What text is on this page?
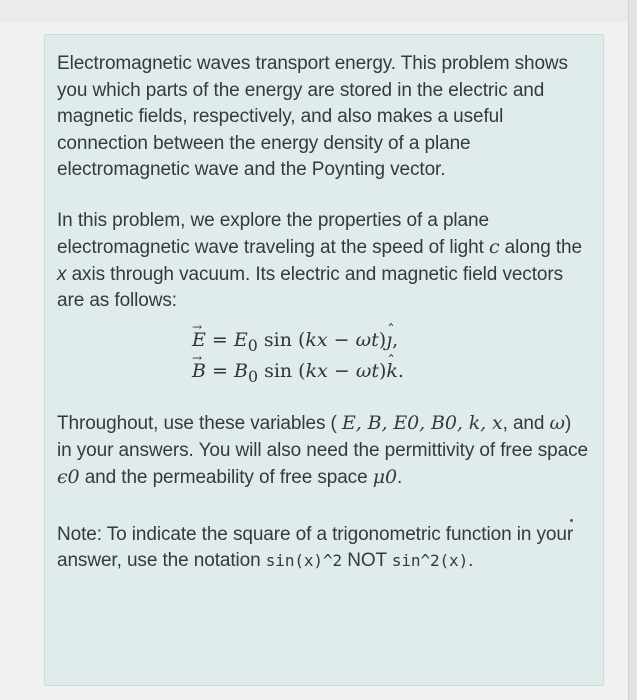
Electromagnetic waves transport energy. This problem shows you which parts of the energy are stored in the electric and magnetic fields, respectively, and also makes a useful connection between the energy density of a plane electromagnetic wave and the Poynting vector.

In this problem, we explore the properties of a plane electromagnetic wave traveling at the speed of light c along the x axis through vacuum. Its electric and magnetic field vectors are as follows:

→ $E = E_0$ sin (kx − ωt)ˆ ȷ,
→ $B = B_0$ sin (kx − ωt)ˆ k.

Throughout, use these variables ( E, B, E0, B0, k, x, and ω) in your answers. You will also need the permittivity of free space ϵ0 and the permeability of free space μ0.

Note: To indicate the square of a trigonometric function in your answer, use the notation sin(x)^2 NOT sin^2(x).
